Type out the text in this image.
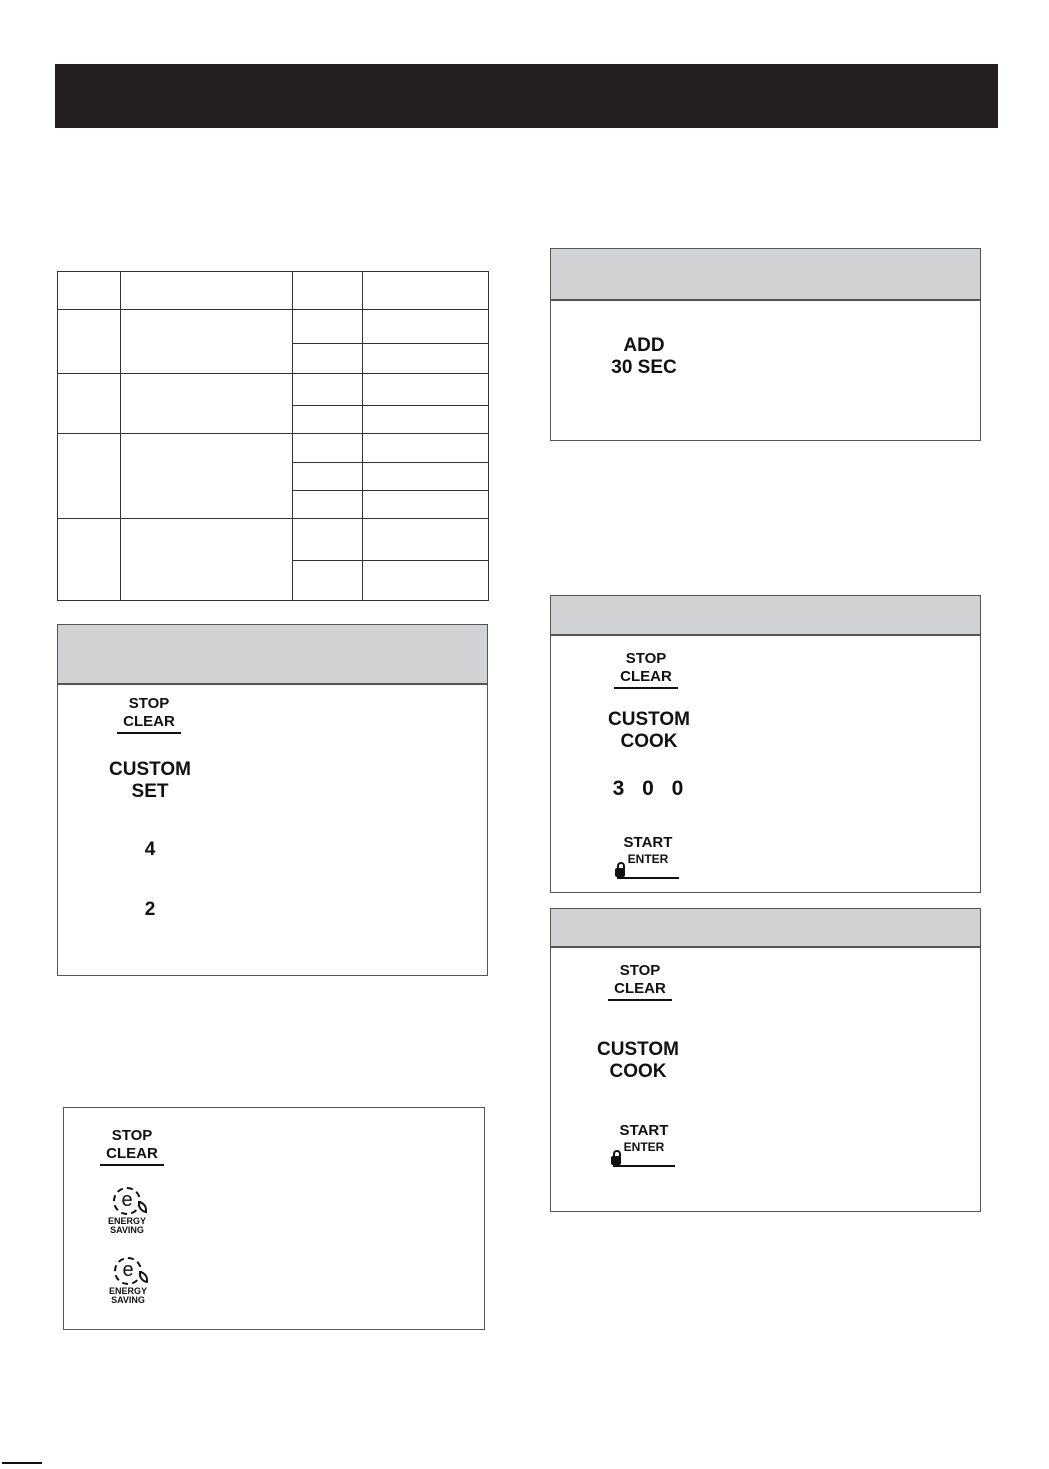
STOP
CLEAR
CUSTOM
SET
4
2
STOP
CLEAR
e
ENERGY
SAVING
e
ENERGY
SAVING
ADD
30 SEC
STOP
CLEAR
CUSTOM
COOK
3 0 0
START
ENTER
STOP
CLEAR
CUSTOM
COOK
START
ENTER
